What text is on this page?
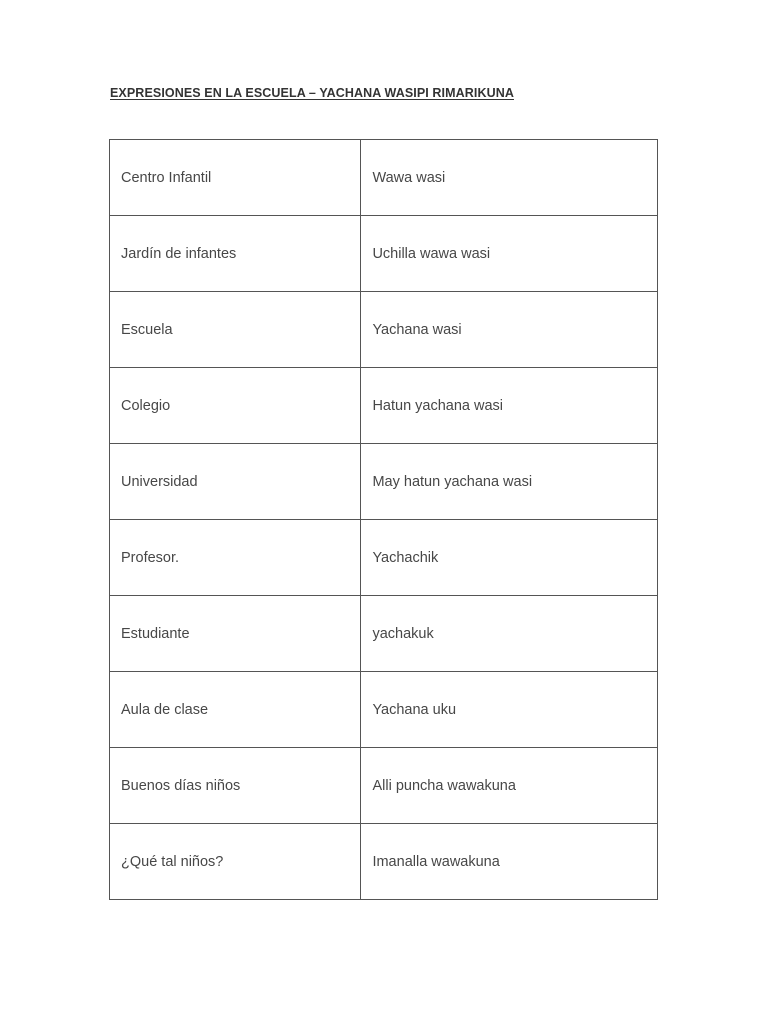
EXPRESIONES EN LA ESCUELA – YACHANA WASIPI RIMARIKUNA
Centro Infantil	Wawa wasi
Jardín de infantes	Uchilla wawa wasi
Escuela	Yachana wasi
Colegio	Hatun yachana wasi
Universidad	May hatun yachana wasi
Profesor.	Yachachik
Estudiante	yachakuk
Aula de clase	Yachana uku
Buenos días niños	Alli puncha wawakuna
¿Qué tal niños?	Imanalla wawakuna
